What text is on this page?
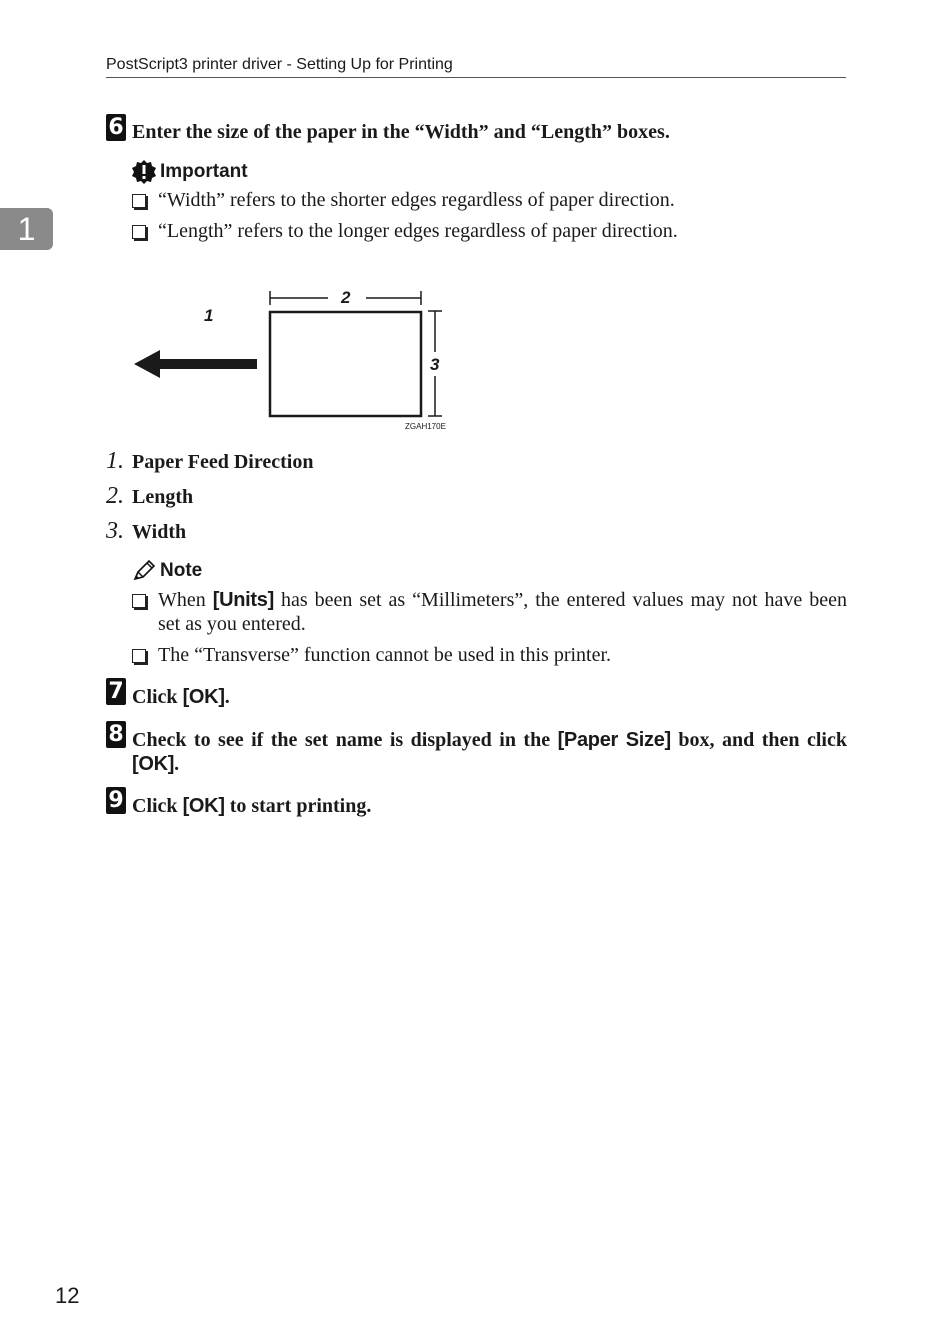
PostScript3 printer driver - Setting Up for Printing
1
6 Enter the size of the paper in the “Width” and “Length” boxes.
Important
“Width” refers to the shorter edges regardless of paper direction.
“Length” refers to the longer edges regardless of paper direction.
1
2
3
ZGAH170E
1. Paper Feed Direction
2. Length
3. Width
Note
When [Units] has been set as “Millimeters”, the entered values may not have been set as you entered.
The “Transverse” function cannot be used in this printer.
7 Click [OK].
8 Check to see if the set name is displayed in the [Paper Size] box, and then click [OK].
9 Click [OK] to start printing.
12
